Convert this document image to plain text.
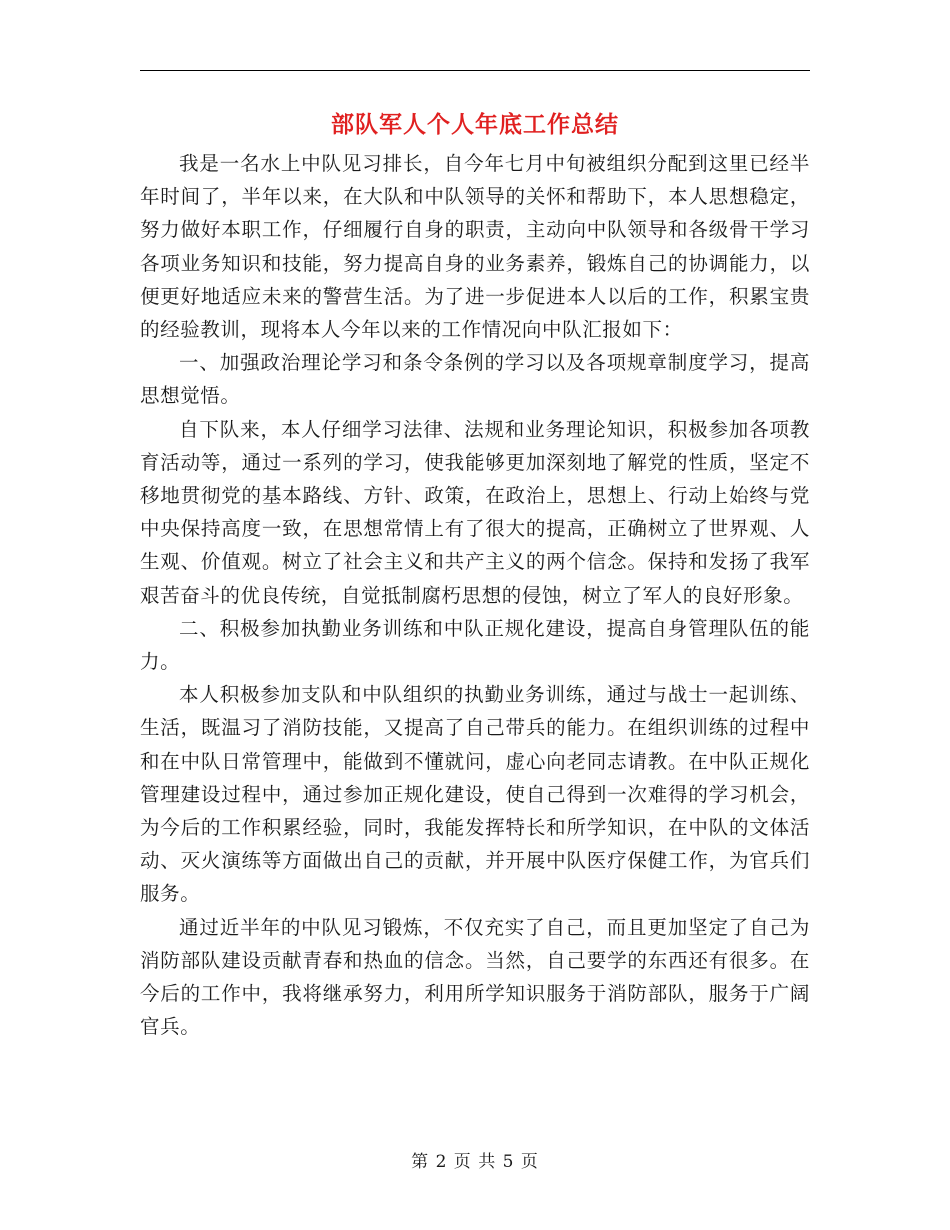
部队军人个人年底工作总结

我是一名水上中队见习排长，自今年七月中旬被组织分配到这里已经半年时间了，半年以来，在大队和中队领导的关怀和帮助下，本人思想稳定，努力做好本职工作，仔细履行自身的职责，主动向中队领导和各级骨干学习各项业务知识和技能，努力提高自身的业务素养，锻炼自己的协调能力，以便更好地适应未来的警营生活。为了进一步促进本人以后的工作，积累宝贵的经验教训，现将本人今年以来的工作情况向中队汇报如下：

一、加强政治理论学习和条令条例的学习以及各项规章制度学习，提高思想觉悟。

自下队来，本人仔细学习法律、法规和业务理论知识，积极参加各项教育活动等，通过一系列的学习，使我能够更加深刻地了解党的性质，坚定不移地贯彻党的基本路线、方针、政策，在政治上，思想上、行动上始终与党中央保持高度一致，在思想常情上有了很大的提高，正确树立了世界观、人生观、价值观。树立了社会主义和共产主义的两个信念。保持和发扬了我军艰苦奋斗的优良传统，自觉抵制腐朽思想的侵蚀，树立了军人的良好形象。

二、积极参加执勤业务训练和中队正规化建设，提高自身管理队伍的能力。

本人积极参加支队和中队组织的执勤业务训练，通过与战士一起训练、生活，既温习了消防技能，又提高了自己带兵的能力。在组织训练的过程中和在中队日常管理中，能做到不懂就问，虚心向老同志请教。在中队正规化管理建设过程中，通过参加正规化建设，使自己得到一次难得的学习机会，为今后的工作积累经验，同时，我能发挥特长和所学知识，在中队的文体活动、灭火演练等方面做出自己的贡献，并开展中队医疗保健工作，为官兵们服务。

通过近半年的中队见习锻炼，不仅充实了自己，而且更加坚定了自己为消防部队建设贡献青春和热血的信念。当然，自己要学的东西还有很多。在今后的工作中，我将继承努力，利用所学知识服务于消防部队，服务于广阔官兵。

第 2 页 共 5 页
